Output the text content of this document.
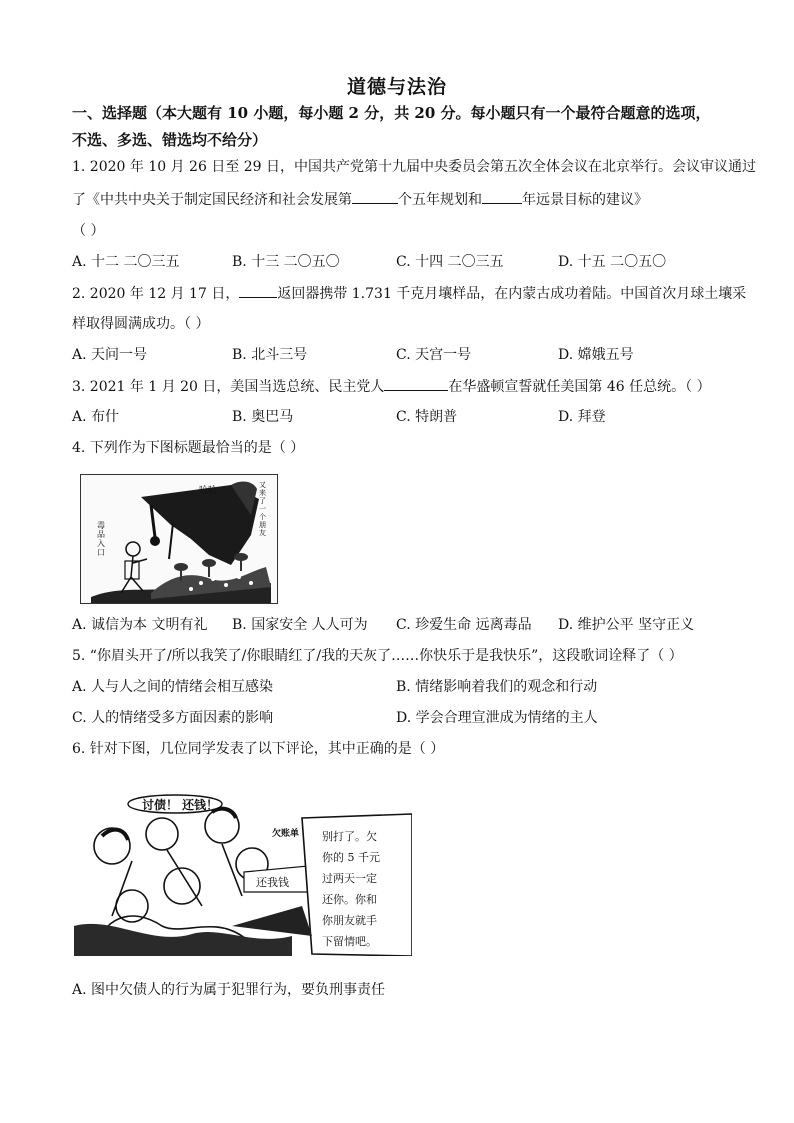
道德与法治
一、选择题（本大题有 10 小题，每小题 2 分，共 20 分。每小题只有一个最符合题意的选项，
不选、多选、错选均不给分）
1. 2020 年 10 月 26 日至 29 日，中国共产党第十九届中央委员会第五次全体会议在北京举行。会议审议通过
了《中共中央关于制定国民经济和社会发展第	个五年规划和	年远景目标的建议》
（ ）
A. 十二 二〇三五	B. 十三 二〇五〇	C. 十四 二〇三五	D. 十五 二〇五〇
2. 2020 年 12 月 17 日，	返回器携带 1.731 千克月壤样品，在内蒙古成功着陆。中国首次月球土壤采
样取得圆满成功。（ ）
A. 天问一号	B. 北斗三号	C. 天宫一号	D. 嫦娥五号
3. 2021 年 1 月 20 日，美国当选总统、民主党人	在华盛顿宣誓就任美国第 46 任总统。（ ）
A. 布什	B. 奥巴马	C. 特朗普	D. 拜登
4. 下列作为下图标题最恰当的是（ ）
哈哈
又来了一个朋友
毒品入口
A. 诚信为本 文明有礼 B. 国家安全 人人可为 C. 珍爱生命 远离毒品 D. 维护公平 坚守正义
5. “你眉头开了/所以我笑了/你眼睛红了/我的天灰了……你快乐于是我快乐”，这段歌词诠释了（ ）
A. 人与人之间的情绪会相互感染	B. 情绪影响着我们的观念和行动
C. 人的情绪受多方面因素的影响	D. 学会合理宣泄成为情绪的主人
6. 针对下图，几位同学发表了以下评论，其中正确的是（ ）
讨债！ 还钱！
还我钱
欠账单 别打了。欠
你的 5 千元
过两天一定
还你。你和
你朋友就手
下留情吧。
A. 图中欠债人的行为属于犯罪行为，要负刑事责任
